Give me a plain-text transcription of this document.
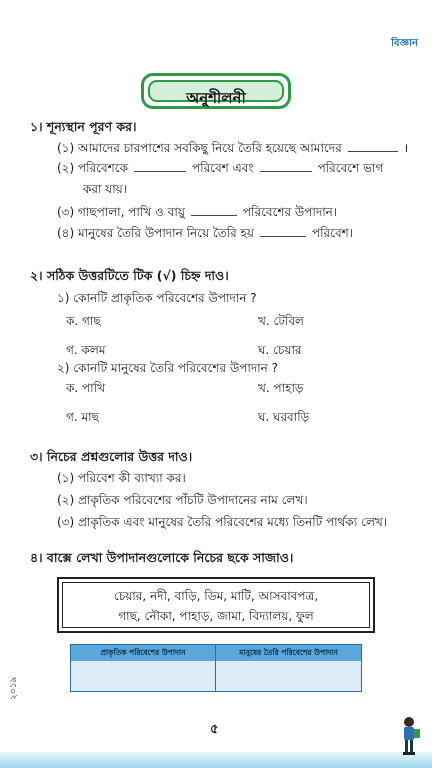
বিজ্ঞান
অনুশীলনী
১। শূন্যস্থান পূরণ কর।
(১) আমাদের চারপাশের সবকিছু নিয়ে তৈরি হয়েছে আমাদের	।
(২) পরিবেশকে	পরিবেশ এবং	পরিবেশে ভাগ
করা যায়।
(৩) গাছপালা, পাখি ও বায়ু	পরিবেশের উপাদান।
(৪) মানুষের তৈরি উপাদান নিয়ে তৈরি হয়	পরিবেশ।
২। সঠিক উত্তরটিতে টিক (√) চিহ্ন দাও।
১) কোনটি প্রাকৃতিক পরিবেশের উপাদান ?
ক. গাছ	খ. টেবিল
গ. কলম	ঘ. চেয়ার
২) কোনটি মানুষের তৈরি পরিবেশের উপাদান ?
ক. পাখি	খ. পাহাড়
গ. মাছ	ঘ. ঘরবাড়ি
৩। নিচের প্রশ্নগুলোর উত্তর দাও।
(১) পরিবেশ কী ব্যাখ্যা কর।
(২) প্রাকৃতিক পরিবেশের পাঁচটি উপাদানের নাম লেখ।
(৩) প্রাকৃতিক এবং মানুষের তৈরি পরিবেশের মধ্যে তিনটি পার্থক্য লেখ।
৪। বাক্সে লেখা উপাদানগুলোকে নিচের ছকে সাজাও।
চেয়ার, নদী, বাড়ি, ডিম, মাটি, আসবাবপত্র,
গাছ, নৌকা, পাহাড়, জামা, বিদ্যালয়, ফুল
প্রাকৃতিক পরিবেশের উপাদান	মানুষের তৈরি পরিবেশের উপাদান
২০১৯
৫
